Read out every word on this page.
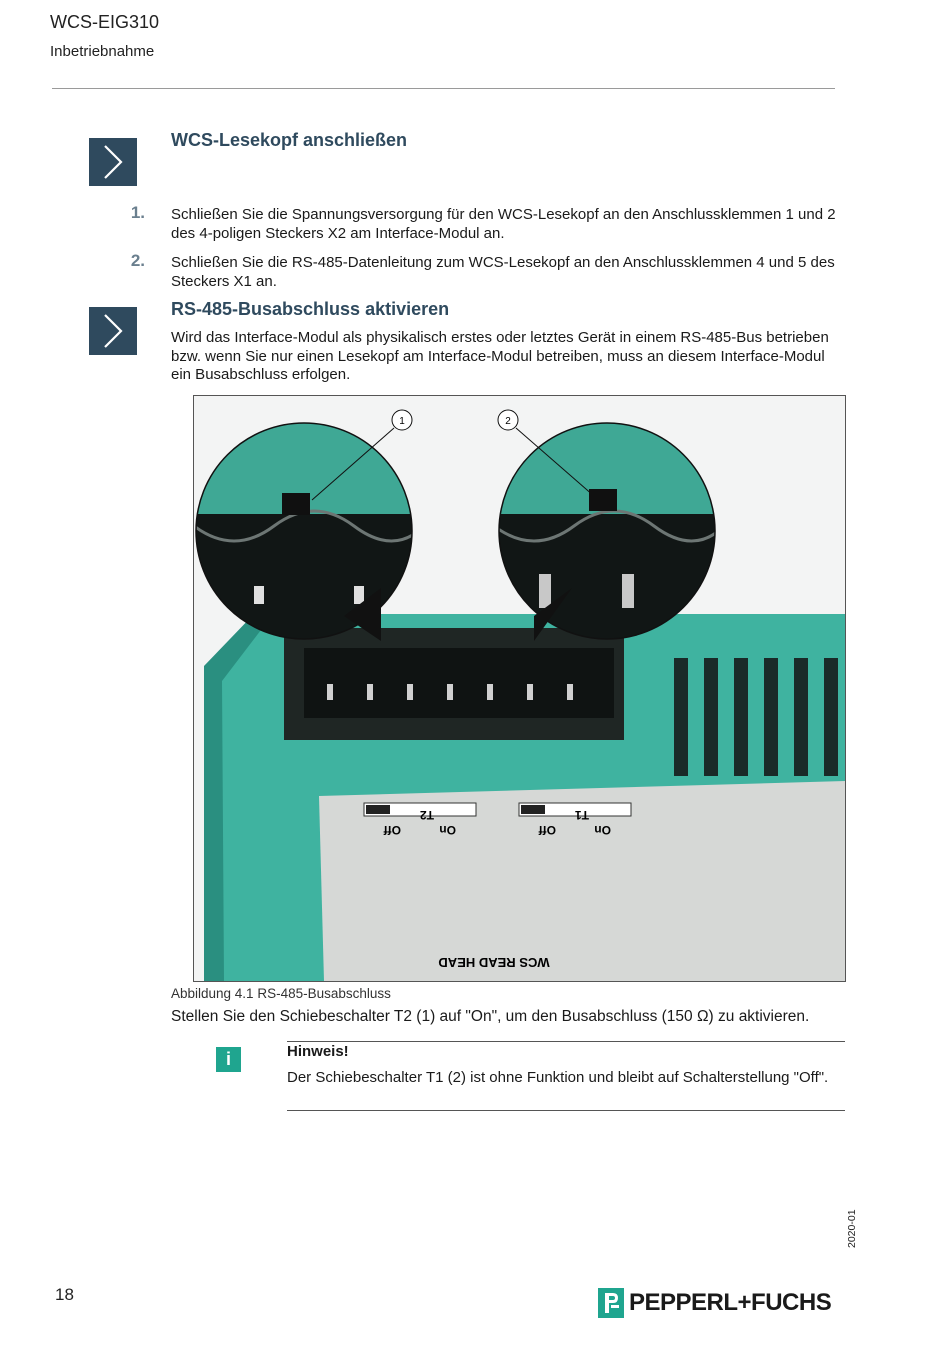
WCS-EIG310
Inbetriebnahme
WCS-Lesekopf anschließen
1. Schließen Sie die Spannungsversorgung für den WCS-Lesekopf an den Anschlussklemmen 1 und 2 des 4-poligen Steckers X2 am Interface-Modul an.
2. Schließen Sie die RS-485-Datenleitung zum WCS-Lesekopf an den Anschlussklemmen 4 und 5 des Steckers X1 an.
RS-485-Busabschluss aktivieren
Wird das Interface-Modul als physikalisch erstes oder letztes Gerät in einem RS-485-Bus betrieben bzw. wenn Sie nur einen Lesekopf am Interface-Modul betreiben, muss an diesem Interface-Modul ein Busabschluss erfolgen.
1	2
On
Off
T2
On
Off
T1
WCS READ HEAD
Abbildung 4.1 RS-485-Busabschluss
Stellen Sie den Schiebeschalter T2 (1) auf "On", um den Busabschluss (150 Ω) zu aktivieren.
i	Hinweis!
Der Schiebeschalter T1 (2) ist ohne Funktion und bleibt auf Schalterstellung "Off".
2020-01
18	PEPPERL+FUCHS
